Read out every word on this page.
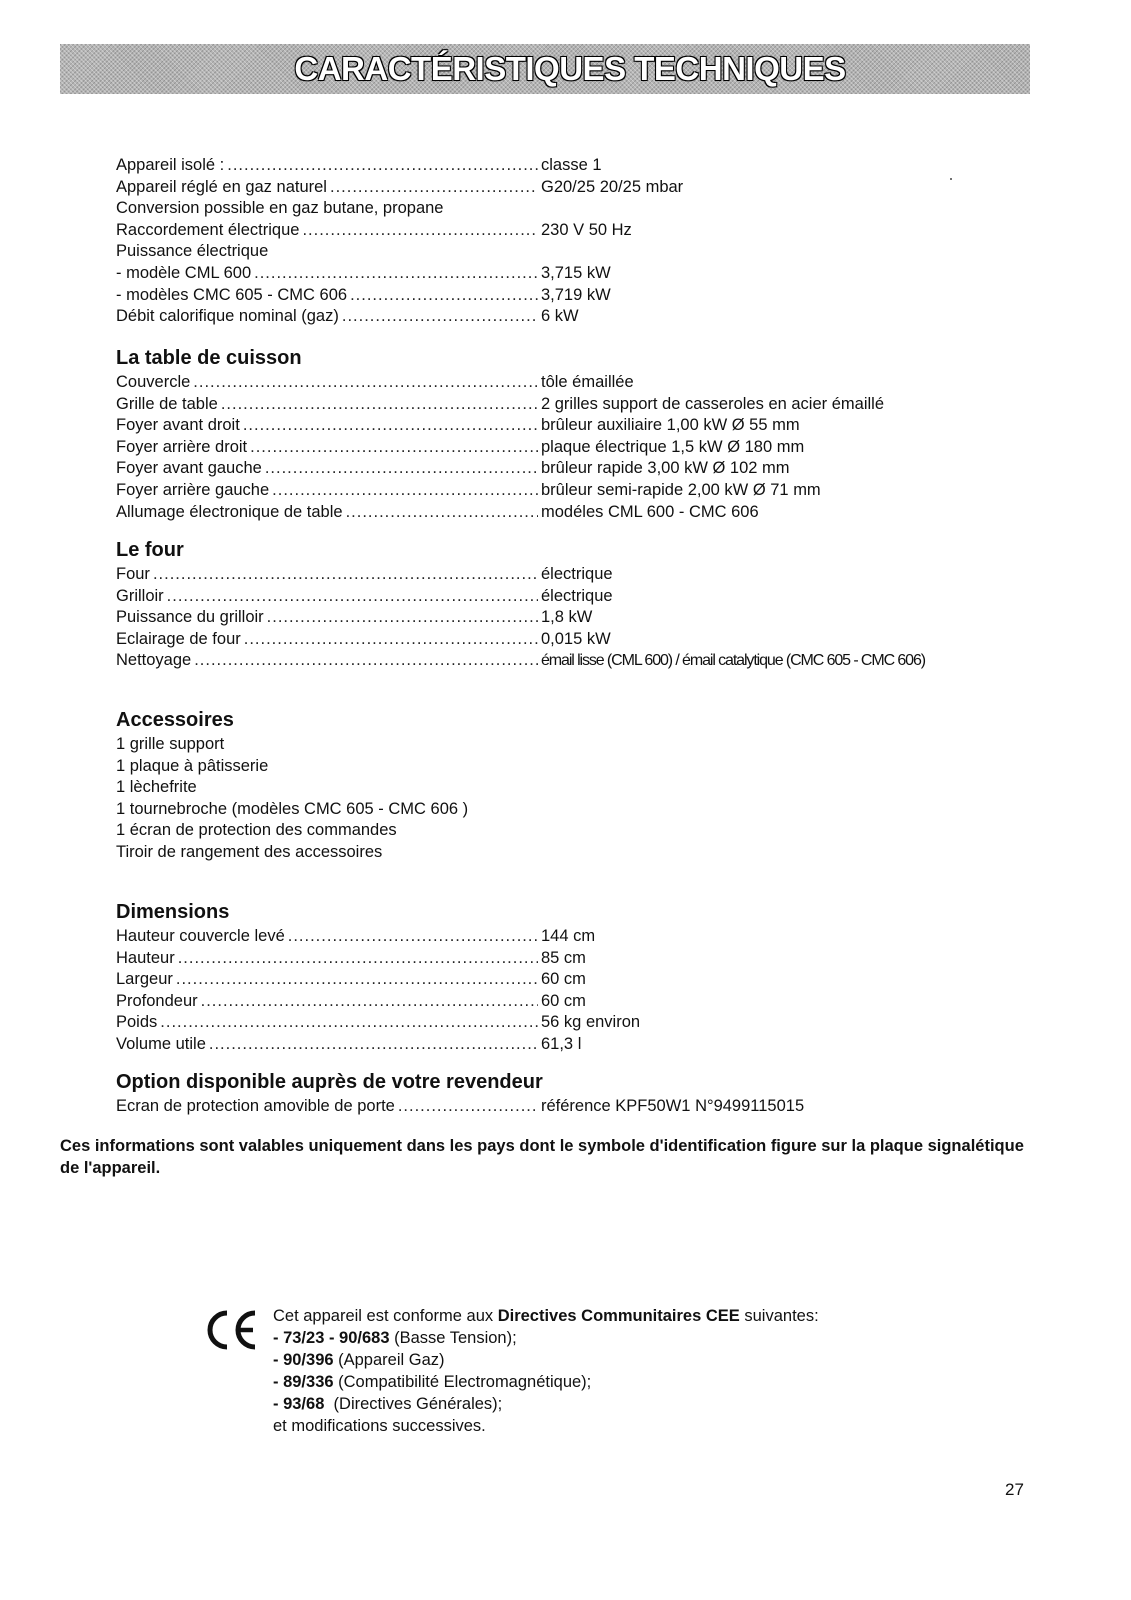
CARACTÉRISTIQUES TECHNIQUES
Appareil isolé : .....	classe 1
Appareil réglé en gaz naturel .....	G20/25 20/25 mbar
Conversion possible en gaz butane, propane
Raccordement électrique .....	230 V 50 Hz
Puissance électrique
- modèle CML 600 .....	3,715 kW
- modèles CMC 605 - CMC 606 .....	3,719 kW
Débit calorifique nominal (gaz) .....	6 kW
La table de cuisson
Couvercle .....	tôle émaillée
Grille de table .....	2 grilles support de casseroles en acier émaillé
Foyer avant droit .....	brûleur auxiliaire 1,00 kW Ø 55 mm
Foyer arrière droit .....	plaque électrique 1,5 kW Ø 180 mm
Foyer avant gauche .....	brûleur rapide 3,00 kW Ø 102 mm
Foyer arrière gauche .....	brûleur semi-rapide 2,00 kW Ø 71 mm
Allumage électronique de table .....	modéles CML 600 - CMC 606
Le four
Four .....	électrique
Grilloir .....	électrique
Puissance du grilloir .....	1,8 kW
Eclairage de four .....	0,015 kW
Nettoyage .....	émail lisse (CML 600) / émail catalytique (CMC 605 - CMC 606)
Accessoires
1 grille support
1 plaque à pâtisserie
1 lèchefrite
1 tournebroche (modèles CMC 605 - CMC 606 )
1 écran de protection des commandes
Tiroir de rangement des accessoires
Dimensions
Hauteur couvercle levé .....	144 cm
Hauteur .....	85 cm
Largeur .....	60 cm
Profondeur .....	60 cm
Poids .....	56 kg environ
Volume utile .....	61,3 l
Option disponible auprès de votre revendeur
Ecran de protection amovible de porte .....	référence KPF50W1 N°9499115015

Ces informations sont valables uniquement dans les pays dont le symbole d'identification figure sur la plaque signalétique de l'appareil.

Cet appareil est conforme aux Directives Communitaires CEE suivantes:
- 73/23 - 90/683 (Basse Tension);
- 90/396 (Appareil Gaz)
- 89/336 (Compatibilité Electromagnétique);
- 93/68  (Directives Générales);
et modifications successives.

27
